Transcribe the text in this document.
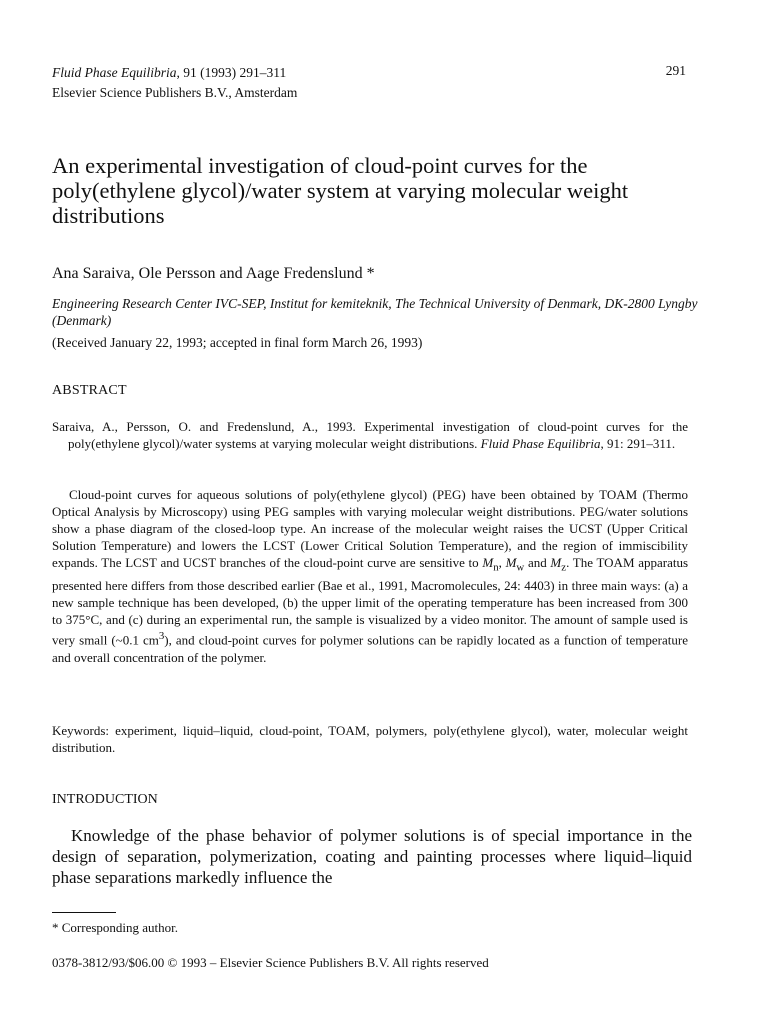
Fluid Phase Equilibria, 91 (1993) 291–311
Elsevier Science Publishers B.V., Amsterdam
291
An experimental investigation of cloud-point curves for the poly(ethylene glycol)/water system at varying molecular weight distributions
Ana Saraiva, Ole Persson and Aage Fredenslund *
Engineering Research Center IVC-SEP, Institut for kemiteknik, The Technical University of Denmark, DK-2800 Lyngby (Denmark)
(Received January 22, 1993; accepted in final form March 26, 1993)
ABSTRACT
Saraiva, A., Persson, O. and Fredenslund, A., 1993. Experimental investigation of cloud-point curves for the poly(ethylene glycol)/water systems at varying molecular weight distributions. Fluid Phase Equilibria, 91: 291–311.
Cloud-point curves for aqueous solutions of poly(ethylene glycol) (PEG) have been obtained by TOAM (Thermo Optical Analysis by Microscopy) using PEG samples with varying molecular weight distributions. PEG/water solutions show a phase diagram of the closed-loop type. An increase of the molecular weight raises the UCST (Upper Critical Solution Temperature) and lowers the LCST (Lower Critical Solution Temperature), and the region of immiscibility expands. The LCST and UCST branches of the cloud-point curve are sensitive to $M_n$, $M_w$ and $M_z$. The TOAM apparatus presented here differs from those described earlier (Bae et al., 1991, Macromolecules, 24: 4403) in three main ways: (a) a new sample technique has been developed, (b) the upper limit of the operating temperature has been increased from 300 to 375°C, and (c) during an experimental run, the sample is visualized by a video monitor. The amount of sample used is very small (~0.1 $cm^3$), and cloud-point curves for polymer solutions can be rapidly located as a function of temperature and overall concentration of the polymer.
Keywords: experiment, liquid–liquid, cloud-point, TOAM, polymers, poly(ethylene glycol), water, molecular weight distribution.
INTRODUCTION
Knowledge of the phase behavior of polymer solutions is of special importance in the design of separation, polymerization, coating and painting processes where liquid–liquid phase separations markedly influence the
* Corresponding author.
0378-3812/93/$06.00 © 1993 – Elsevier Science Publishers B.V. All rights reserved
